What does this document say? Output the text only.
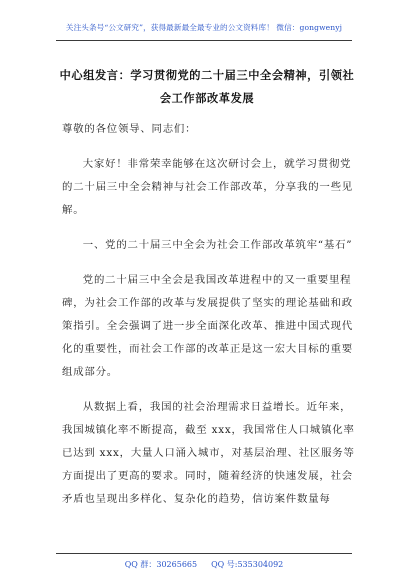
关注头条号“公文研究”，获得最新最全最专业的公文资料库！ 微信：gongwenyj
中心组发言：学习贯彻党的二十届三中全会精神，引领社会工作部改革发展

尊敬的各位领导、同志们：

大家好！非常荣幸能够在这次研讨会上，就学习贯彻党的二十届三中全会精神与社会工作部改革，分享我的一些见解。

一、党的二十届三中全会为社会工作部改革筑牢“基石”

党的二十届三中全会是我国改革进程中的又一重要里程碑，为社会工作部的改革与发展提供了坚实的理论基础和政策指引。全会强调了进一步全面深化改革、推进中国式现代化的重要性，而社会工作部的改革正是这一宏大目标的重要组成部分。

从数据上看，我国的社会治理需求日益增长。近年来，我国城镇化率不断提高，截至 xxx，我国常住人口城镇化率已达到 xxx，大量人口涌入城市，对基层治理、社区服务等方面提出了更高的要求。同时，随着经济的快速发展，社会矛盾也呈现出多样化、复杂化的趋势，信访案件数量每

QQ 群：30265665 QQ 号:535304092
